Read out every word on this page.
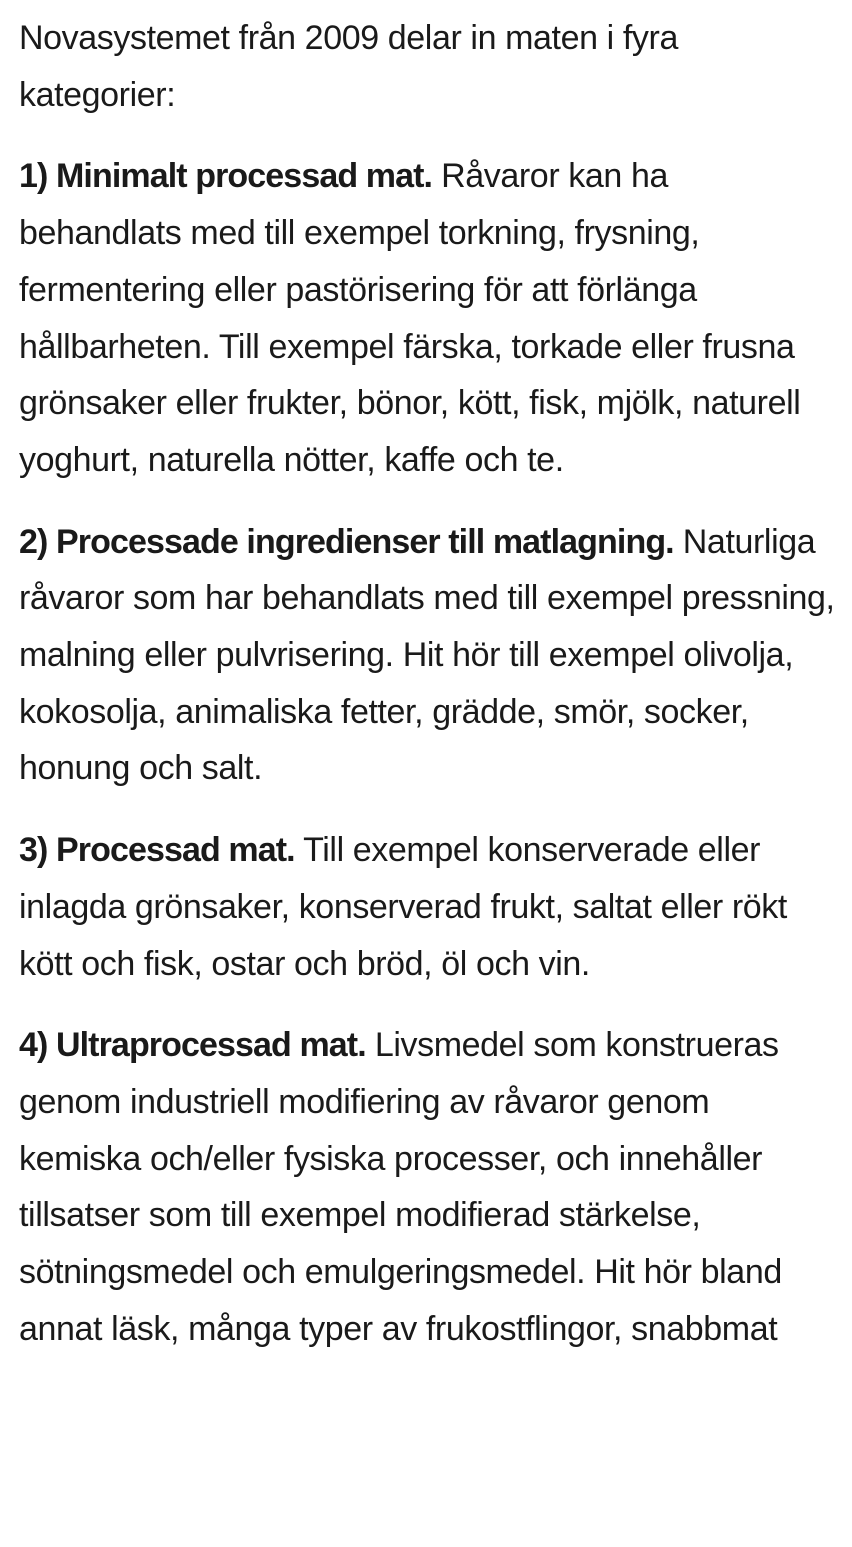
Novasystemet från 2009 delar in maten i fyra kategorier:

1) Minimalt processad mat. Råvaror kan ha behandlats med till exempel torkning, frysning, fermentering eller pastörisering för att förlänga hållbarheten. Till exempel färska, torkade eller frusna grönsaker eller frukter, bönor, kött, fisk, mjölk, naturell yoghurt, naturella nötter, kaffe och te.

2) Processade ingredienser till matlagning. Naturliga råvaror som har behandlats med till exempel pressning, malning eller pulvrisering. Hit hör till exempel olivolja, kokosolja, animaliska fetter, grädde, smör, socker, honung och salt.

3) Processad mat. Till exempel konserverade eller inlagda grönsaker, konserverad frukt, saltat eller rökt kött och fisk, ostar och bröd, öl och vin.

4) Ultraprocessad mat. Livsmedel som konstrueras genom industriell modifiering av råvaror genom kemiska och/eller fysiska processer, och innehåller tillsatser som till exempel modifierad stärkelse, sötningsmedel och emulgeringsmedel. Hit hör bland annat läsk, många typer av frukostflingor, snabbmat
